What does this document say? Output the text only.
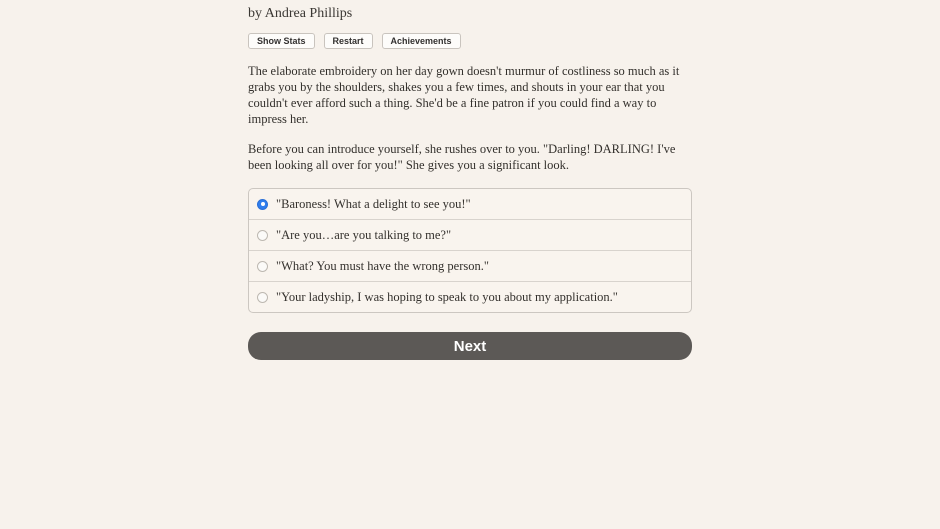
by Andrea Phillips
Show Stats	Restart	Achievements

The elaborate embroidery on her day gown doesn't murmur of costliness so much as it grabs you by the shoulders, shakes you a few times, and shouts in your ear that you couldn't ever afford such a thing. She'd be a fine patron if you could find a way to impress her.

Before you can introduce yourself, she rushes over to you. "Darling! DARLING! I've been looking all over for you!" She gives you a significant look.

"Baroness! What a delight to see you!"
"Are you…are you talking to me?"
"What? You must have the wrong person."
"Your ladyship, I was hoping to speak to you about my application."
Next
